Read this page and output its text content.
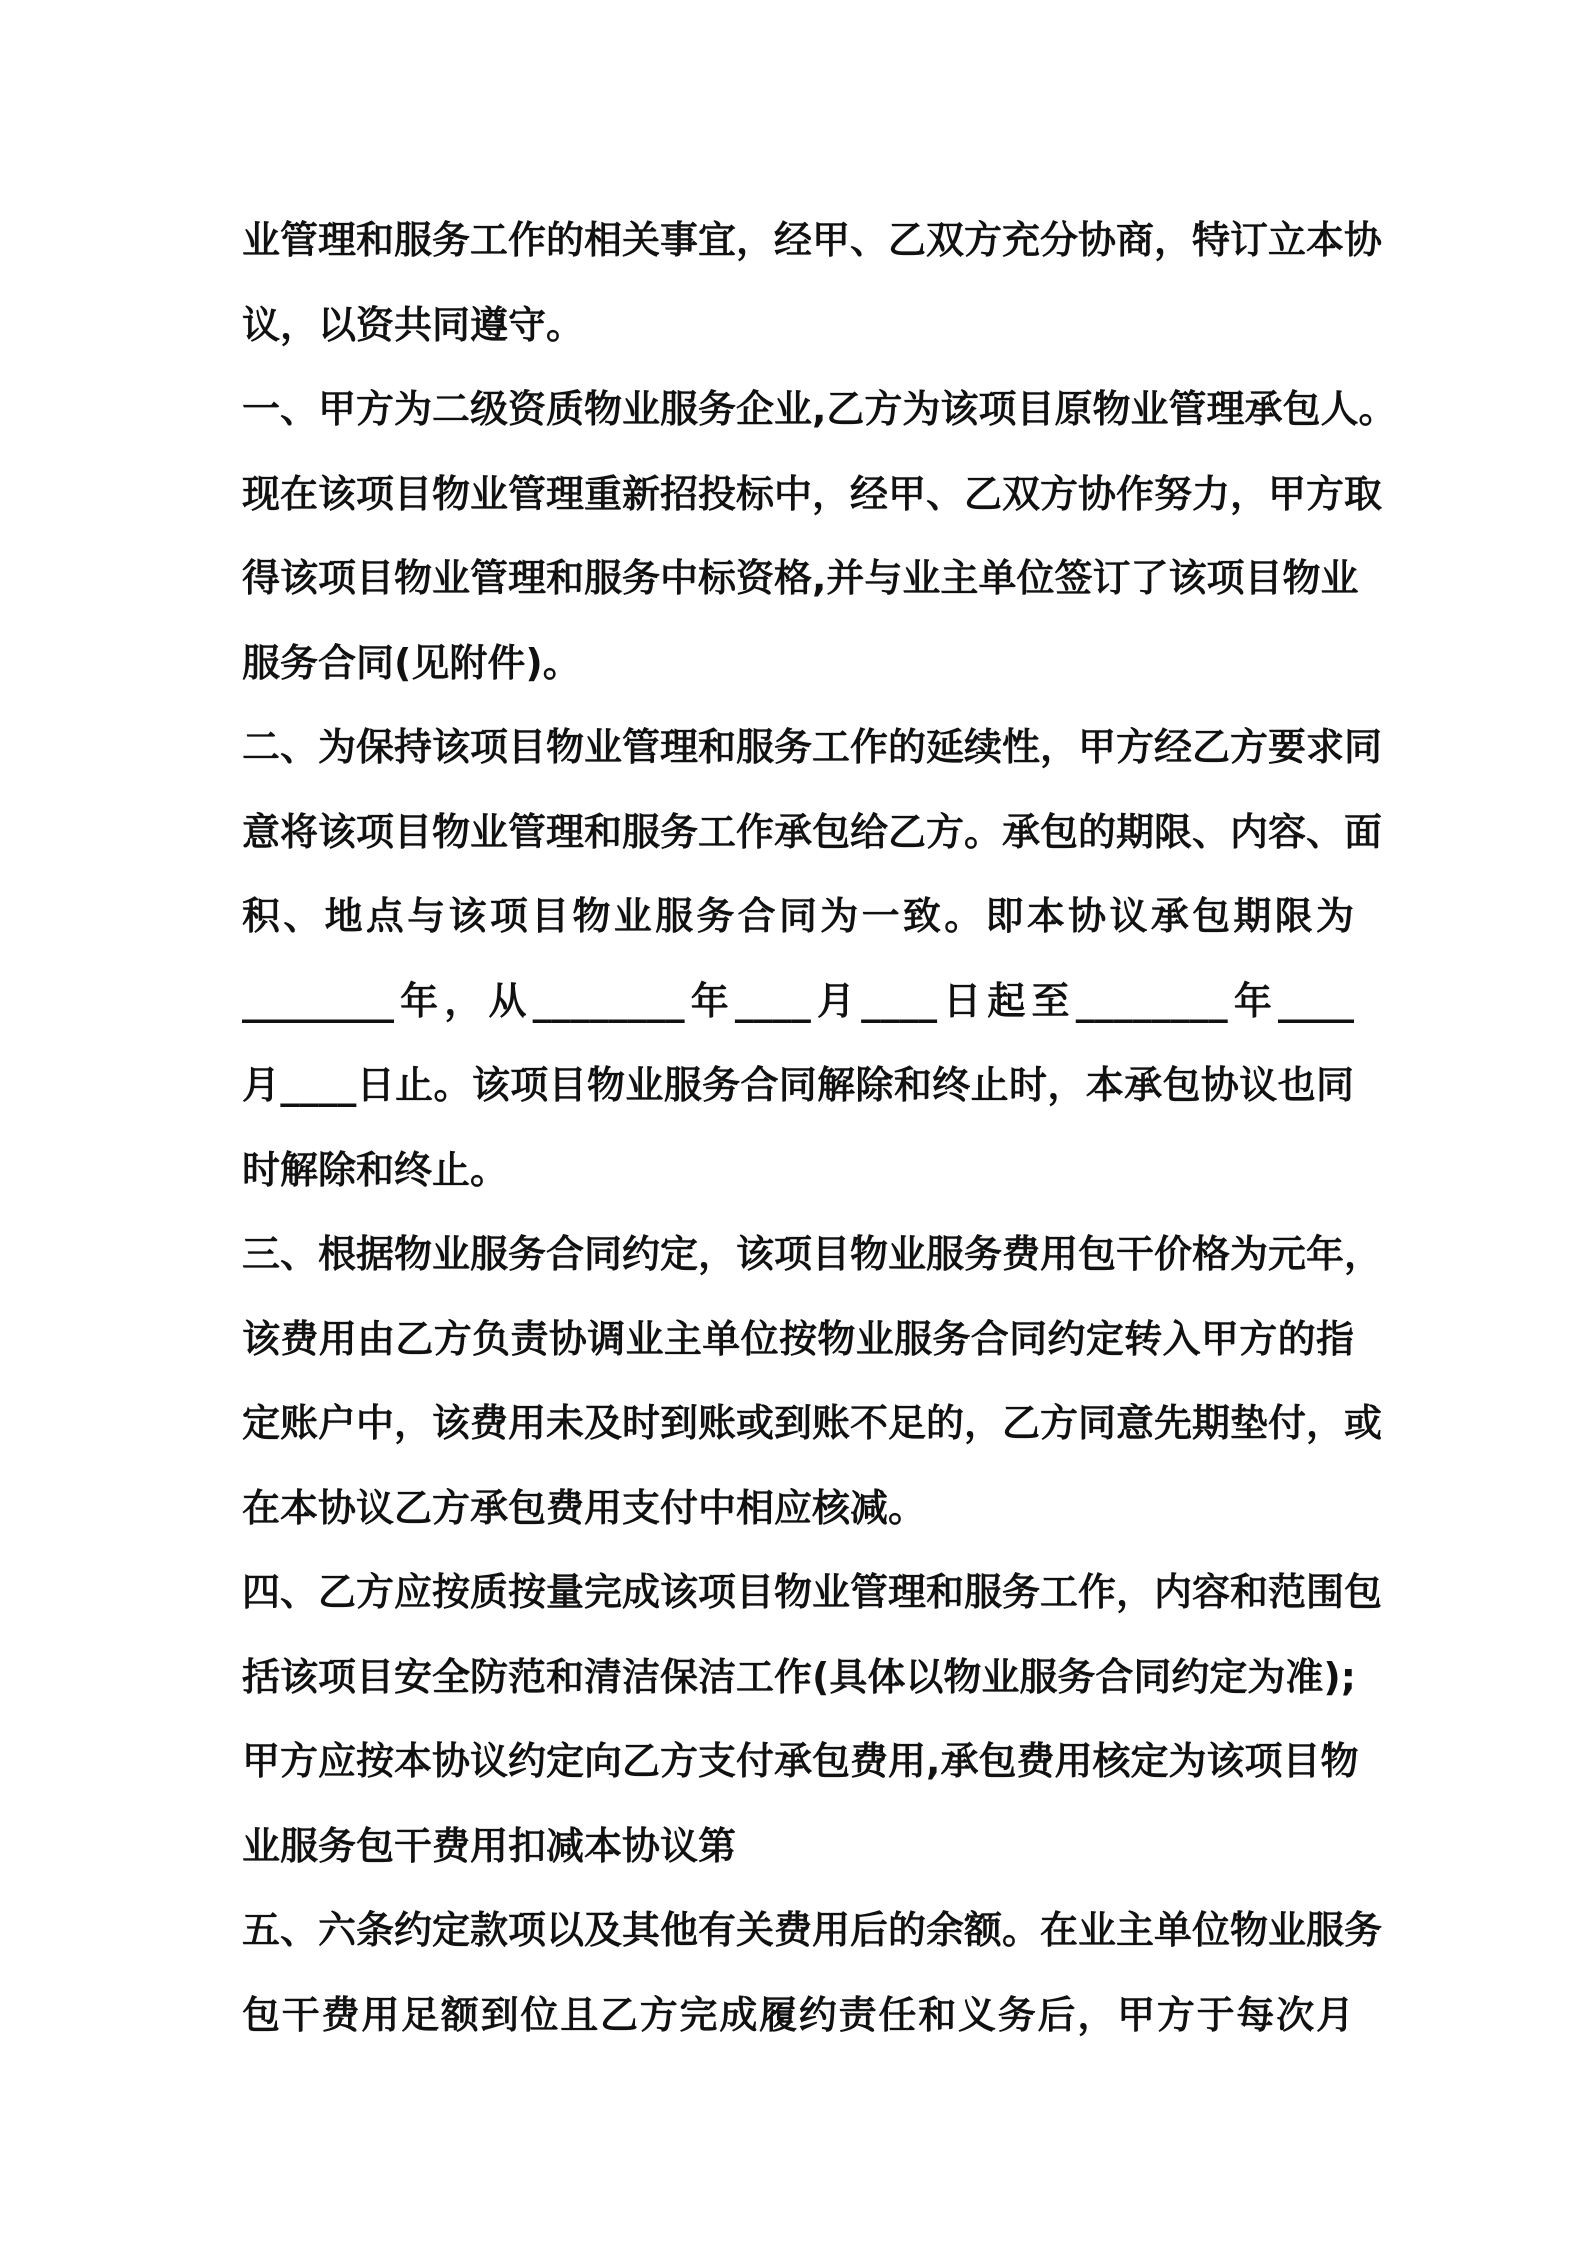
业管理和服务工作的相关事宜，经甲、乙双方充分协商，特订立本协
议，以资共同遵守。
一、甲方为二级资质物业服务企业,乙方为该项目原物业管理承包人。
现在该项目物业管理重新招投标中，经甲、乙双方协作努力，甲方取
得该项目物业管理和服务中标资格,并与业主单位签订了该项目物业
服务合同(见附件)。
二、为保持该项目物业管理和服务工作的延续性，甲方经乙方要求同
意将该项目物业管理和服务工作承包给乙方。承包的期限、内容、面
积、地点与该项目物业服务合同为一致。即本协议承包期限为
________年，从________年____月____日起至________年____
月____日止。该项目物业服务合同解除和终止时，本承包协议也同
时解除和终止。
三、根据物业服务合同约定，该项目物业服务费用包干价格为元年，
该费用由乙方负责协调业主单位按物业服务合同约定转入甲方的指
定账户中，该费用未及时到账或到账不足的，乙方同意先期垫付，或
在本协议乙方承包费用支付中相应核减。
四、乙方应按质按量完成该项目物业管理和服务工作，内容和范围包
括该项目安全防范和清洁保洁工作(具体以物业服务合同约定为准);
甲方应按本协议约定向乙方支付承包费用,承包费用核定为该项目物
业服务包干费用扣减本协议第
五、六条约定款项以及其他有关费用后的余额。在业主单位物业服务
包干费用足额到位且乙方完成履约责任和义务后，甲方于每次月
